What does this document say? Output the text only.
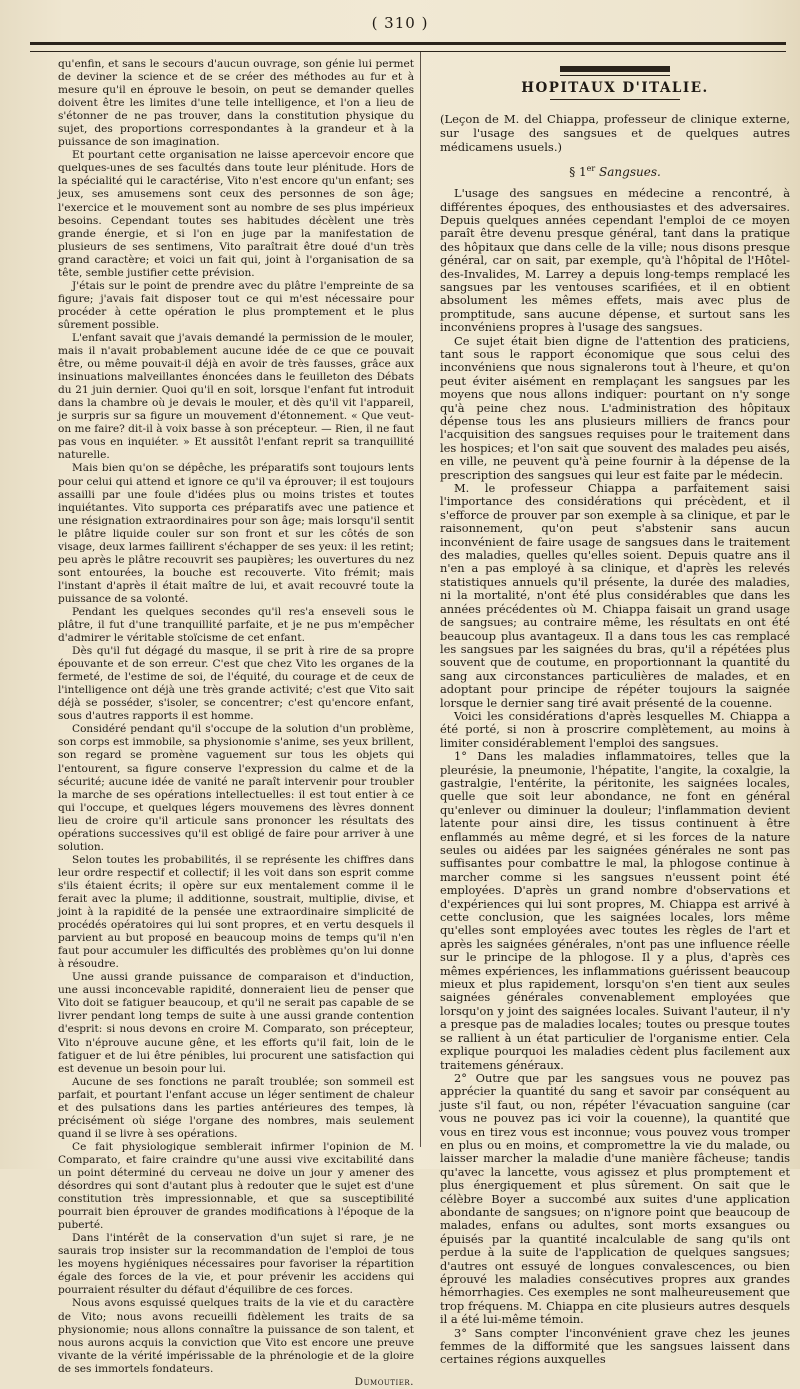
( 310 )

qu'enfin, et sans le secours d'aucun ouvrage, son génie lui permet de deviner la science et de se créer des méthodes au fur et à mesure qu'il en éprouve le besoin, on peut se demander quelles doivent être les limites d'une telle intelligence, et l'on a lieu de s'étonner de ne pas trouver, dans la constitution physique du sujet, des proportions correspondantes à la grandeur et à la puissance de son imagination.

Et pourtant cette organisation ne laisse apercevoir encore que quelques-unes de ses facultés dans toute leur plénitude. Hors de la spécialité qui le caractérise, Vito n'est encore qu'un enfant; ses jeux, ses amusemens sont ceux des personnes de son âge; l'exercice et le mouvement sont au nombre de ses plus impérieux besoins. Cependant toutes ses habitudes décèlent une très grande énergie, et si l'on en juge par la manifestation de plusieurs de ses sentimens, Vito paraîtrait être doué d'un très grand caractère; et voici un fait qui, joint à l'organisation de sa tête, semble justifier cette prévision.

J'étais sur le point de prendre avec du plâtre l'empreinte de sa figure; j'avais fait disposer tout ce qui m'est nécessaire pour procéder à cette opération le plus promptement et le plus sûrement possible.

L'enfant savait que j'avais demandé la permission de le mouler, mais il n'avait probablement aucune idée de ce que ce pouvait être, ou même pouvait-il déjà en avoir de très fausses, grâce aux insinuations malveillantes énoncées dans le feuilleton des Débats du 21 juin dernier. Quoi qu'il en soit, lorsque l'enfant fut introduit dans la chambre où je devais le mouler, et dès qu'il vit l'appareil, je surpris sur sa figure un mouvement d'étonnement. « Que veut-on me faire? dit-il à voix basse à son précepteur. — Rien, il ne faut pas vous en inquiéter. » Et aussitôt l'enfant reprit sa tranquillité naturelle.

Mais bien qu'on se dépêche, les préparatifs sont toujours lents pour celui qui attend et ignore ce qu'il va éprouver; il est toujours assailli par une foule d'idées plus ou moins tristes et toutes inquiétantes. Vito supporta ces préparatifs avec une patience et une résignation extraordinaires pour son âge; mais lorsqu'il sentit le plâtre liquide couler sur son front et sur les côtés de son visage, deux larmes faillirent s'échapper de ses yeux: il les retint; peu après le plâtre recouvrit ses paupières; les ouvertures du nez sont entourées, la bouche est recouverte. Vito frémit; mais l'instant d'après il était maître de lui, et avait recouvré toute la puissance de sa volonté.

Pendant les quelques secondes qu'il res'a enseveli sous le plâtre, il fut d'une tranquillité parfaite, et je ne pus m'empêcher d'admirer le véritable stoïcisme de cet enfant.

Dès qu'il fut dégagé du masque, il se prit à rire de sa propre épouvante et de son erreur. C'est que chez Vito les organes de la fermeté, de l'estime de soi, de l'équité, du courage et de ceux de l'intelligence ont déjà une très grande activité; c'est que Vito sait déjà se posséder, s'isoler, se concentrer; c'est qu'encore enfant, sous d'autres rapports il est homme.

Considéré pendant qu'il s'occupe de la solution d'un problème, son corps est immobile, sa physionomie s'anime, ses yeux brillent, son regard se promène vaguement sur tous les objets qui l'entourent, sa figure conserve l'expression du calme et de la sécurité; aucune idée de vanité ne paraît intervenir pour troubler la marche de ses opérations intellectuelles: il est tout entier à ce qui l'occupe, et quelques légers mouvemens des lèvres donnent lieu de croire qu'il articule sans prononcer les résultats des opérations successives qu'il est obligé de faire pour arriver à une solution.

Selon toutes les probabilités, il se représente les chiffres dans leur ordre respectif et collectif; il les voit dans son esprit comme s'ils étaient écrits; il opère sur eux mentalement comme il le ferait avec la plume; il additionne, soustrait, multiplie, divise, et joint à la rapidité de la pensée une extraordinaire simplicité de procédés opératoires qui lui sont propres, et en vertu desquels il parvient au but proposé en beaucoup moins de temps qu'il n'en faut pour accumuler les difficultés des problèmes qu'on lui donne à résoudre.

Une aussi grande puissance de comparaison et d'induction, une aussi inconcevable rapidité, donneraient lieu de penser que Vito doit se fatiguer beaucoup, et qu'il ne serait pas capable de se livrer pendant long temps de suite à une aussi grande contention d'esprit: si nous devons en croire M. Comparato, son précepteur, Vito n'éprouve aucune gêne, et les efforts qu'il fait, loin de le fatiguer et de lui être pénibles, lui procurent une satisfaction qui est devenue un besoin pour lui.

Aucune de ses fonctions ne paraît troublée; son sommeil est parfait, et pourtant l'enfant accuse un léger sentiment de chaleur et des pulsations dans les parties antérieures des tempes, là précisément où siége l'organe des nombres, mais seulement quand il se livre à ses opérations.

Ce fait physiologique semblerait infirmer l'opinion de M. Comparato, et faire craindre qu'une aussi vive excitabilité dans un point déterminé du cerveau ne doive un jour y amener des désordres qui sont d'autant plus à redouter que le sujet est d'une constitution très impressionnable, et que sa susceptibilité pourrait bien éprouver de grandes modifications à l'époque de la puberté.

Dans l'intérêt de la conservation d'un sujet si rare, je ne saurais trop insister sur la recommandation de l'emploi de tous les moyens hygiéniques nécessaires pour favoriser la répartition égale des forces de la vie, et pour prévenir les accidens qui pourraient résulter du défaut d'équilibre de ces forces.

Nous avons esquissé quelques traits de la vie et du caractère de Vito; nous avons recueilli fidèlement les traits de sa physionomie; nous allons connaître la puissance de son talent, et nous aurons acquis la conviction que Vito est encore une preuve vivante de la vérité impérissable de la phrénologie et de la gloire de ses immortels fondateurs.

Dumoutier.

HOPITAUX D'ITALIE.

(Leçon de M. del Chiappa, professeur de clinique externe, sur l'usage des sangsues et de quelques autres médicamens usuels.)

§ 1er Sangsues.

L'usage des sangsues en médecine a rencontré, à différentes époques, des enthousiastes et des adversaires. Depuis quelques années cependant l'emploi de ce moyen paraît être devenu presque général, tant dans la pratique des hôpitaux que dans celle de la ville; nous disons presque général, car on sait, par exemple, qu'à l'hôpital de l'Hôtel-des-Invalides, M. Larrey a depuis long-temps remplacé les sangsues par les ventouses scarifiées, et il en obtient absolument les mêmes effets, mais avec plus de promptitude, sans aucune dépense, et surtout sans les inconvéniens propres à l'usage des sangsues.

Ce sujet était bien digne de l'attention des praticiens, tant sous le rapport économique que sous celui des inconvéniens que nous signalerons tout à l'heure, et qu'on peut éviter aisément en remplaçant les sangsues par les moyens que nous allons indiquer: pourtant on n'y songe qu'à peine chez nous. L'administration des hôpitaux dépense tous les ans plusieurs milliers de francs pour l'acquisition des sangsues requises pour le traitement dans les hospices; et l'on sait que souvent des malades peu aisés, en ville, ne peuvent qu'à peine fournir à la dépense de la prescription des sangsues qui leur est faite par le médecin.

M. le professeur Chiappa a parfaitement saisi l'importance des considérations qui précèdent, et il s'efforce de prouver par son exemple à sa clinique, et par le raisonnement, qu'on peut s'abstenir sans aucun inconvénient de faire usage de sangsues dans le traitement des maladies, quelles qu'elles soient. Depuis quatre ans il n'en a pas employé à sa clinique, et d'après les relevés statistiques annuels qu'il présente, la durée des maladies, ni la mortalité, n'ont été plus considérables que dans les années précédentes où M. Chiappa faisait un grand usage de sangsues; au contraire même, les résultats en ont été beaucoup plus avantageux. Il a dans tous les cas remplacé les sangsues par les saignées du bras, qu'il a répétées plus souvent que de coutume, en proportionnant la quantité du sang aux circonstances particulières de malades, et en adoptant pour principe de répéter toujours la saignée lorsque le dernier sang tiré avait présenté de la couenne.

Voici les considérations d'après lesquelles M. Chiappa a été porté, si non à proscrire complètement, au moins à limiter considérablement l'emploi des sangsues.

1° Dans les maladies inflammatoires, telles que la pleurésie, la pneumonie, l'hépatite, l'angite, la coxalgie, la gastralgie, l'entérite, la péritonite, les saignées locales, quelle que soit leur abondance, ne font en général qu'enlever ou diminuer la douleur; l'inflammation devient latente pour ainsi dire, les tissus continuent à être enflammés au même degré, et si les forces de la nature seules ou aidées par les saignées générales ne sont pas suffisantes pour combattre le mal, la phlogose continue à marcher comme si les sangsues n'eussent point été employées. D'après un grand nombre d'observations et d'expériences qui lui sont propres, M. Chiappa est arrivé à cette conclusion, que les saignées locales, lors même qu'elles sont employées avec toutes les règles de l'art et après les saignées générales, n'ont pas une influence réelle sur le principe de la phlogose. Il y a plus, d'après ces mêmes expériences, les inflammations guérissent beaucoup mieux et plus rapidement, lorsqu'on s'en tient aux seules saignées générales convenablement employées que lorsqu'on y joint des saignées locales. Suivant l'auteur, il n'y a presque pas de maladies locales; toutes ou presque toutes se rallient à un état particulier de l'organisme entier. Cela explique pourquoi les maladies cèdent plus facilement aux traitemens généraux.

2° Outre que par les sangsues vous ne pouvez pas apprécier la quantité du sang et savoir par conséquent au juste s'il faut, ou non, répéter l'évacuation sanguine (car vous ne pouvez pas ici voir la couenne), la quantité que vous en tirez vous est inconnue; vous pouvez vous tromper en plus ou en moins, et compromettre la vie du malade, ou laisser marcher la maladie d'une manière fâcheuse; tandis qu'avec la lancette, vous agissez et plus promptement et plus énergiquement et plus sûrement. On sait que le célèbre Boyer a succombé aux suites d'une application abondante de sangsues; on n'ignore point que beaucoup de malades, enfans ou adultes, sont morts exsangues ou épuisés par la quantité incalculable de sang qu'ils ont perdue à la suite de l'application de quelques sangsues; d'autres ont essuyé de longues convalescences, ou bien éprouvé les maladies consécutives propres aux grandes hémorrhagies. Ces exemples ne sont malheureusement que trop fréquens. M. Chiappa en cite plusieurs autres desquels il a été lui-même témoin.

3° Sans compter l'inconvénient grave chez les jeunes femmes de la difformité que les sangsues laissent dans certaines régions auxquelles
